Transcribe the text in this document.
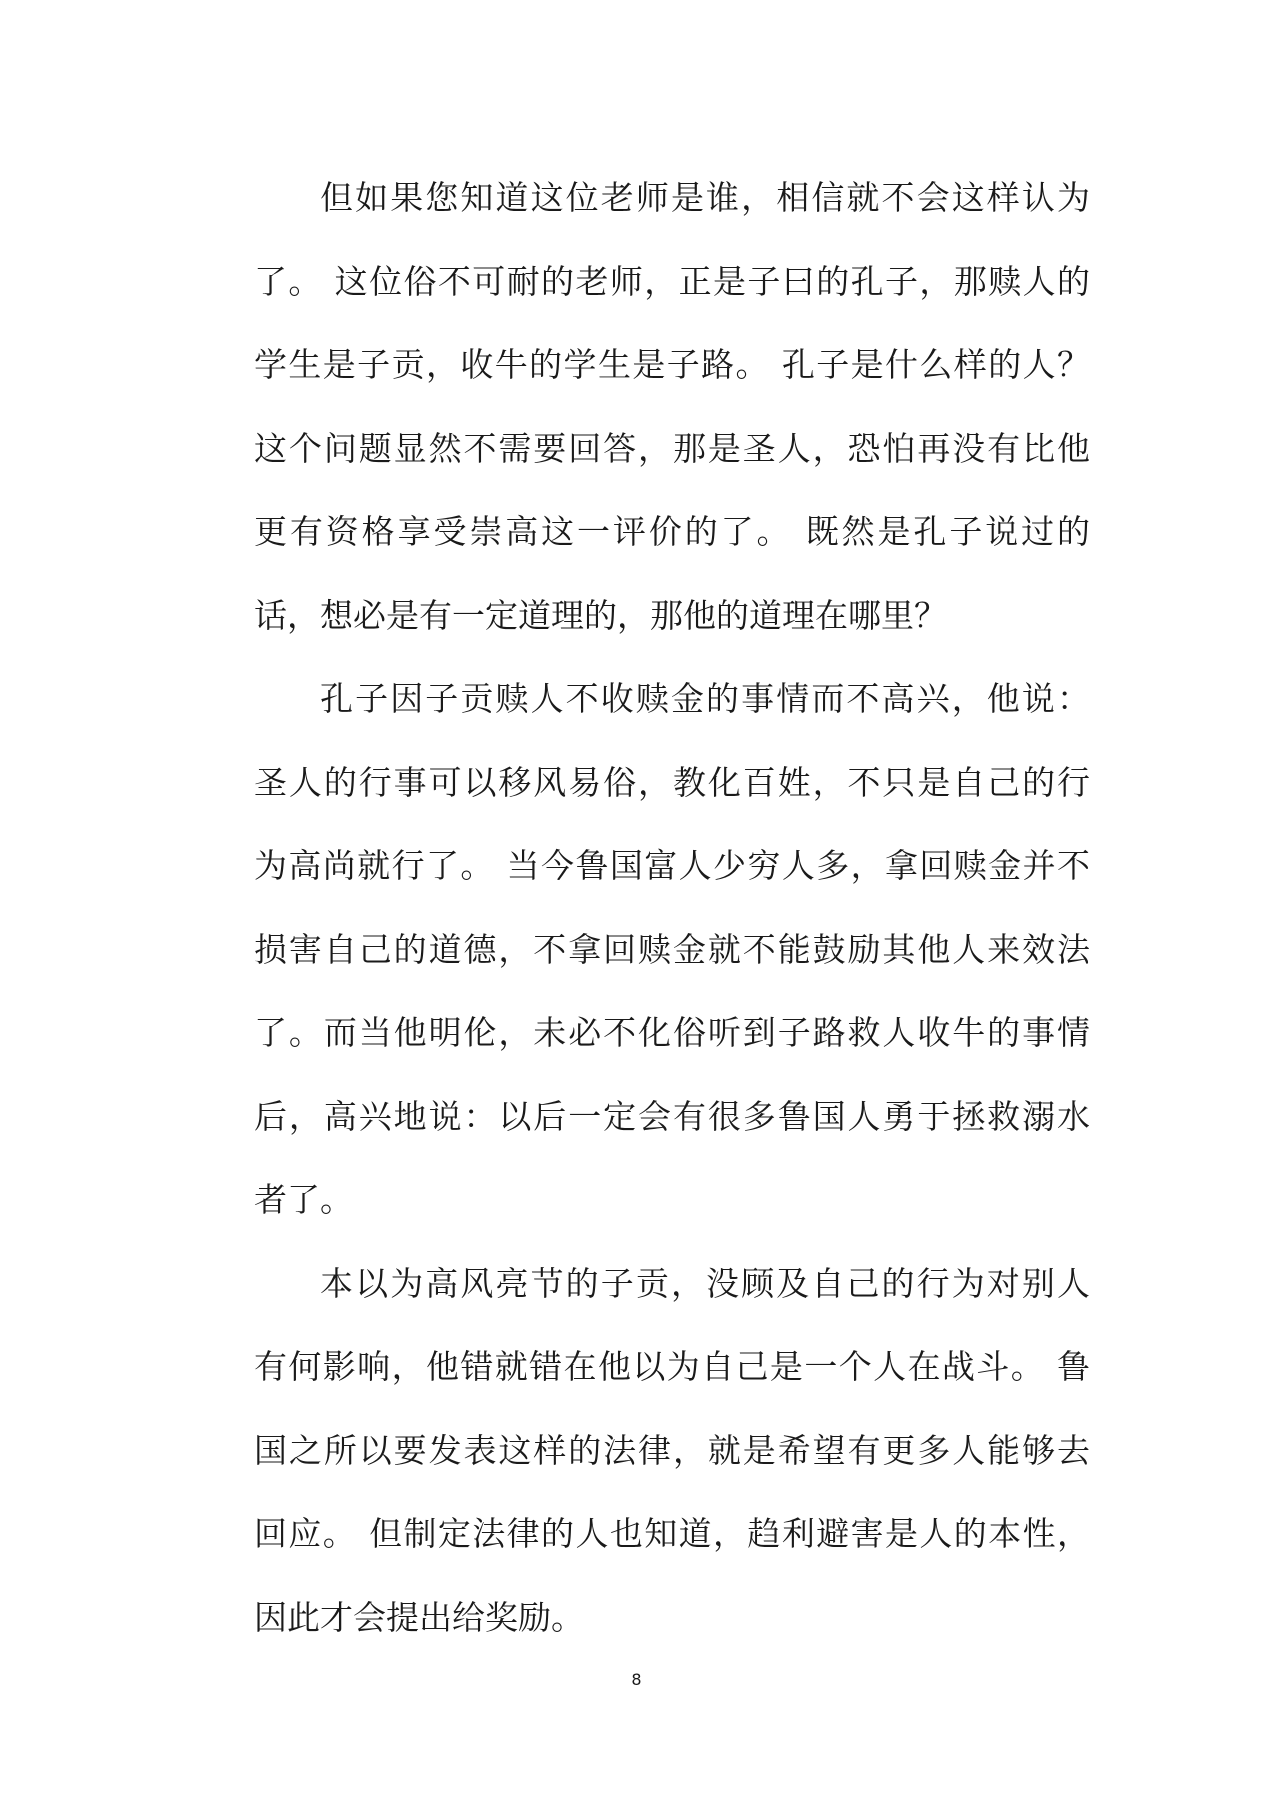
但如果您知道这位老师是谁，相信就不会这样认为
了。 这位俗不可耐的老师，正是子曰的孔子，那赎人的
学生是子贡，收牛的学生是子路。 孔子是什么样的人？
这个问题显然不需要回答，那是圣人，恐怕再没有比他
更有资格享受崇高这一评价的了。 既然是孔子说过的
话，想必是有一定道理的，那他的道理在哪里？
孔子因子贡赎人不收赎金的事情而不高兴，他说：
圣人的行事可以移风易俗，教化百姓，不只是自己的行
为高尚就行了。 当今鲁国富人少穷人多，拿回赎金并不
损害自己的道德，不拿回赎金就不能鼓励其他人来效法
了。而当他明伦，未必不化俗听到子路救人收牛的事情
后，高兴地说：以后一定会有很多鲁国人勇于拯救溺水
者了。
本以为高风亮节的子贡，没顾及自己的行为对别人
有何影响，他错就错在他以为自己是一个人在战斗。 鲁
国之所以要发表这样的法律，就是希望有更多人能够去
回应。 但制定法律的人也知道，趋利避害是人的本性，
因此才会提出给奖励。
8
